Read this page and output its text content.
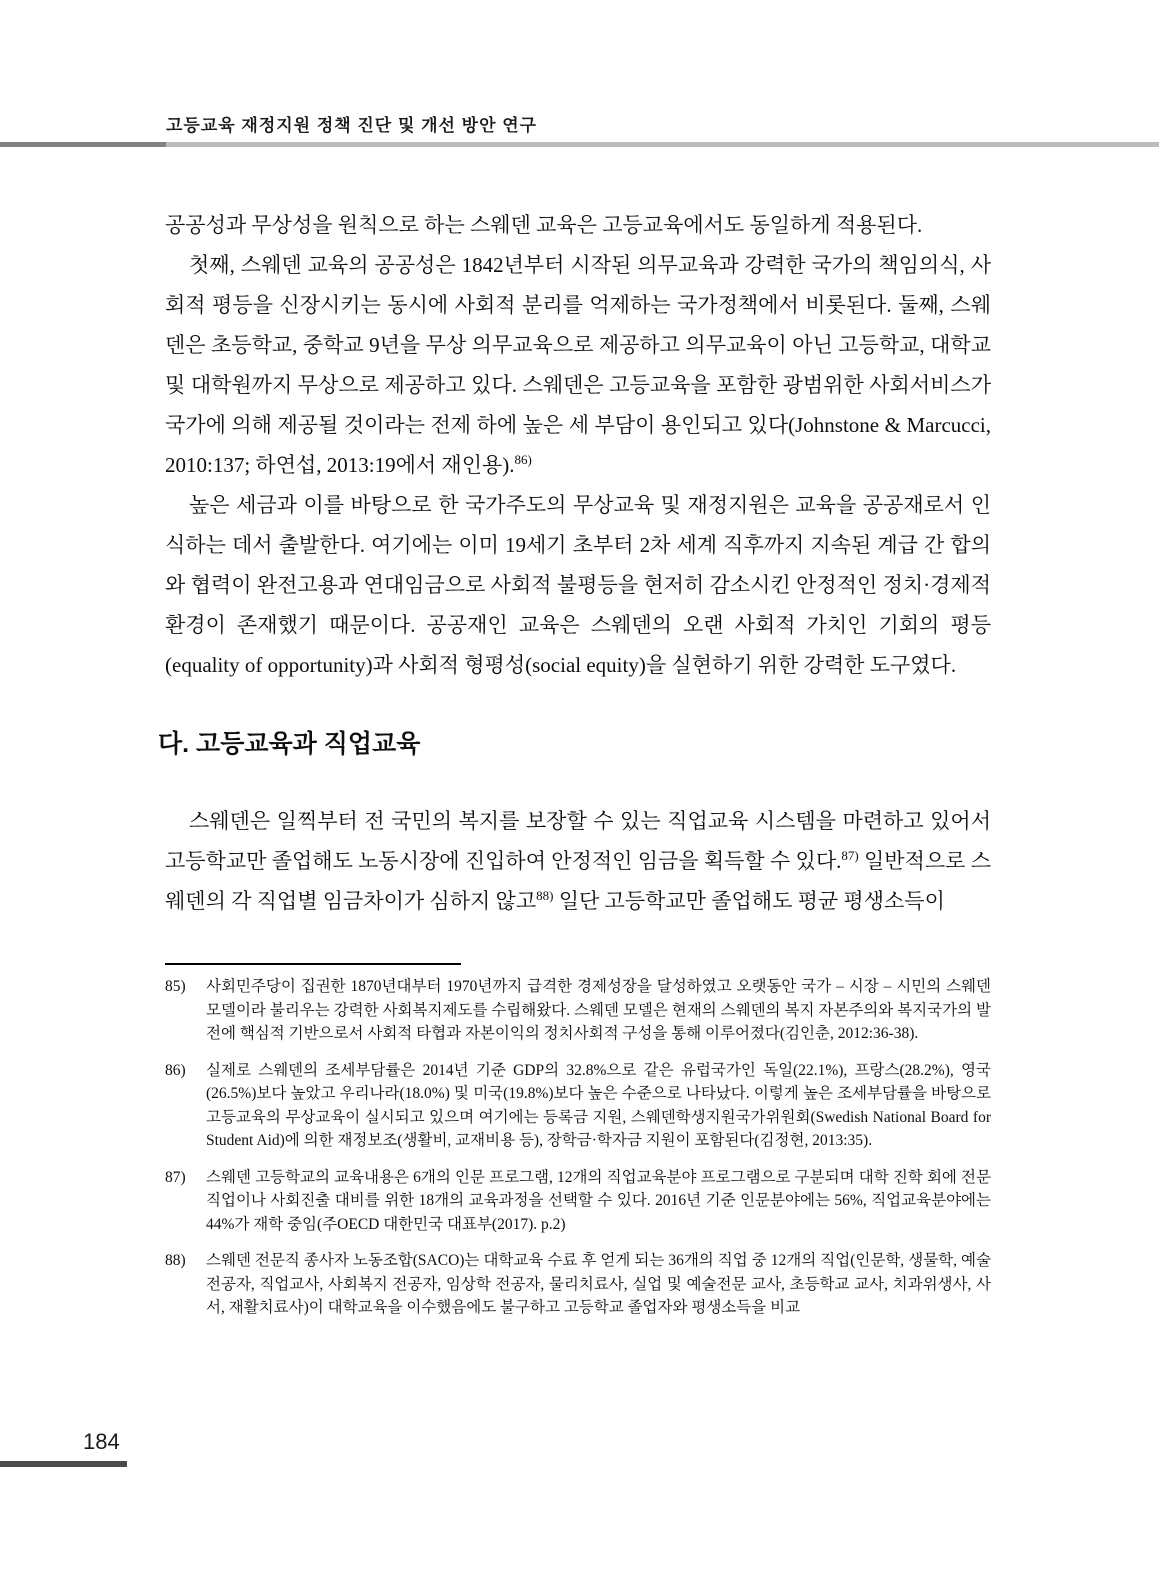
고등교육 재정지원 정책 진단 및 개선 방안 연구

공공성과 무상성을 원칙으로 하는 스웨덴 교육은 고등교육에서도 동일하게 적용된다.

첫째, 스웨덴 교육의 공공성은 1842년부터 시작된 의무교육과 강력한 국가의 책임의식, 사회적 평등을 신장시키는 동시에 사회적 분리를 억제하는 국가정책에서 비롯된다. 둘째, 스웨덴은 초등학교, 중학교 9년을 무상 의무교육으로 제공하고 의무교육이 아닌 고등학교, 대학교 및 대학원까지 무상으로 제공하고 있다. 스웨덴은 고등교육을 포함한 광범위한 사회서비스가 국가에 의해 제공될 것이라는 전제 하에 높은 세 부담이 용인되고 있다(Johnstone & Marcucci, 2010:137; 하연섭, 2013:19에서 재인용).$^{86)}$

높은 세금과 이를 바탕으로 한 국가주도의 무상교육 및 재정지원은 교육을 공공재로서 인식하는 데서 출발한다. 여기에는 이미 19세기 초부터 2차 세계 직후까지 지속된 계급 간 합의와 협력이 완전고용과 연대임금으로 사회적 불평등을 현저히 감소시킨 안정적인 정치·경제적 환경이 존재했기 때문이다. 공공재인 교육은 스웨덴의 오랜 사회적 가치인 기회의 평등(equality of opportunity)과 사회적 형평성(social equity)을 실현하기 위한 강력한 도구였다.

다. 고등교육과 직업교육

스웨덴은 일찍부터 전 국민의 복지를 보장할 수 있는 직업교육 시스템을 마련하고 있어서 고등학교만 졸업해도 노동시장에 진입하여 안정적인 임금을 획득할 수 있다.$^{87)}$ 일반적으로 스웨덴의 각 직업별 임금차이가 심하지 않고$^{88)}$ 일단 고등학교만 졸업해도 평균 평생소득이

85)	사회민주당이 집권한 1870년대부터 1970년까지 급격한 경제성장을 달성하였고 오랫동안 국가 – 시장 – 시민의 스웨덴 모델이라 불리우는 강력한 사회복지제도를 수립해왔다. 스웨덴 모델은 현재의 스웨덴의 복지 자본주의와 복지국가의 발전에 핵심적 기반으로서 사회적 타협과 자본이익의 정치사회적 구성을 통해 이루어졌다(김인춘, 2012:36-38).
86)	실제로 스웨덴의 조세부담률은 2014년 기준 GDP의 32.8%으로 같은 유럽국가인 독일(22.1%), 프랑스(28.2%), 영국(26.5%)보다 높았고 우리나라(18.0%) 및 미국(19.8%)보다 높은 수준으로 나타났다. 이렇게 높은 조세부담률을 바탕으로 고등교육의 무상교육이 실시되고 있으며 여기에는 등록금 지원, 스웨덴학생지원국가위원회(Swedish National Board for Student Aid)에 의한 재정보조(생활비, 교재비용 등), 장학금·학자금 지원이 포함된다(김정현, 2013:35).
87)	스웨덴 고등학교의 교육내용은 6개의 인문 프로그램, 12개의 직업교육분야 프로그램으로 구분되며 대학 진학 회에 전문직업이나 사회진출 대비를 위한 18개의 교육과정을 선택할 수 있다. 2016년 기준 인문분야에는 56%, 직업교육분야에는 44%가 재학 중임(주OECD 대한민국 대표부(2017). p.2)
88)	스웨덴 전문직 종사자 노동조합(SACO)는 대학교육 수료 후 얻게 되는 36개의 직업 중 12개의 직업(인문학, 생물학, 예술 전공자, 직업교사, 사회복지 전공자, 임상학 전공자, 물리치료사, 실업 및 예술전문 교사, 초등학교 교사, 치과위생사, 사서, 재활치료사)이 대학교육을 이수했음에도 불구하고 고등학교 졸업자와 평생소득을 비교
184
